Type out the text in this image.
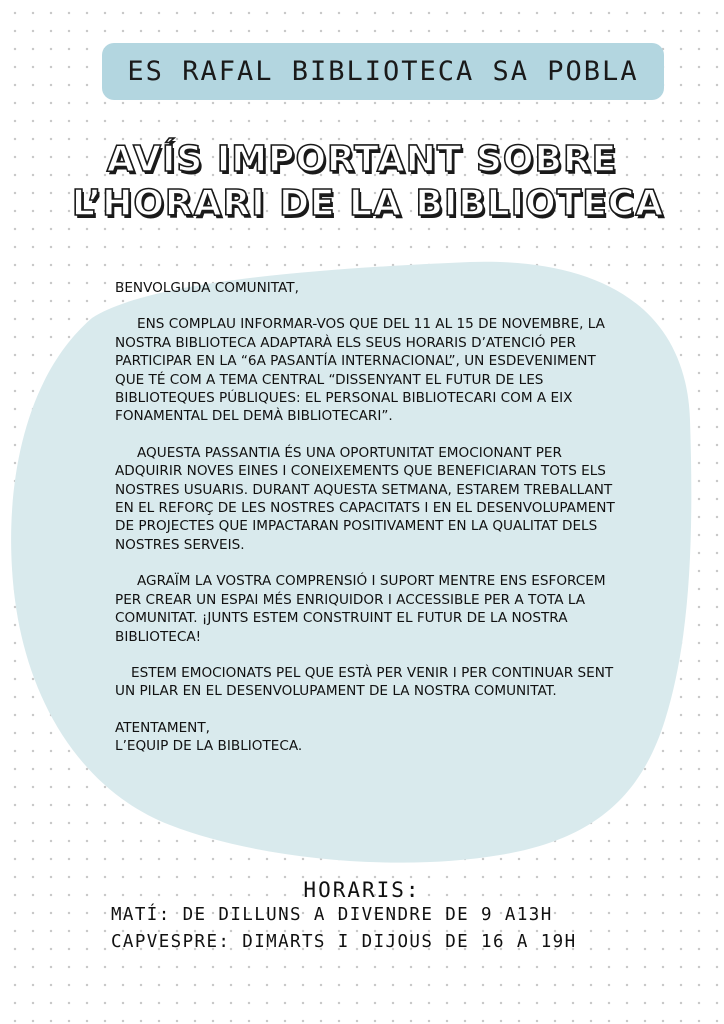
ES RAFAL BIBLIOTECA SA POBLA
AVÍS IMPORTANT SOBRE
L’HORARI DE LA BIBLIOTECA

BENVOLGUDA COMUNITAT,

ENS COMPLAU INFORMAR-VOS QUE DEL 11 AL 15 DE NOVEMBRE, LA NOSTRA BIBLIOTECA ADAPTARÀ ELS SEUS HORARIS D’ATENCIÓ PER PARTICIPAR EN LA “6A PASANTÍA INTERNACIONAL”, UN ESDEVENIMENT QUE TÉ COM A TEMA CENTRAL “DISSENYANT EL FUTUR DE LES BIBLIOTEQUES PÚBLIQUES: EL PERSONAL BIBLIOTECARI COM A EIX FONAMENTAL DEL DEMÀ BIBLIOTECARI”.

AQUESTA PASSANTIA ÉS UNA OPORTUNITAT EMOCIONANT PER ADQUIRIR NOVES EINES I CONEIXEMENTS QUE BENEFICIARAN TOTS ELS NOSTRES USUARIS. DURANT AQUESTA SETMANA, ESTAREM TREBALLANT EN EL REFORÇ DE LES NOSTRES CAPACITATS I EN EL DESENVOLUPAMENT DE PROJECTES QUE IMPACTARAN POSITIVAMENT EN LA QUALITAT DELS NOSTRES SERVEIS.

AGRAÏM LA VOSTRA COMPRENSIÓ I SUPORT MENTRE ENS ESFORCEM PER CREAR UN ESPAI MÉS ENRIQUIDOR I ACCESSIBLE PER A TOTA LA COMUNITAT. ¡JUNTS ESTEM CONSTRUINT EL FUTUR DE LA NOSTRA BIBLIOTECA!

ESTEM EMOCIONATS PEL QUE ESTÀ PER VENIR I PER CONTINUAR SENT UN PILAR EN EL DESENVOLUPAMENT DE LA NOSTRA COMUNITAT.

ATENTAMENT,

L’EQUIP DE LA BIBLIOTECA.

HORARIS:
MATÍ: DE DILLUNS A DIVENDRE DE 9 A13H
CAPVESPRE: DIMARTS I DIJOUS DE 16 A 19H
